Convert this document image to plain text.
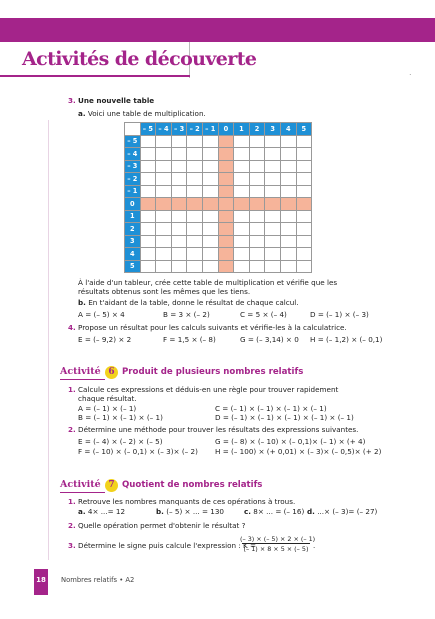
Activités de découverte
.
3. Une nouvelle table
a. Voici une table de multiplication.
	– 5	– 4	– 3	– 2	– 1	0	1	2	3	4	5
– 5											
– 4											
– 3											
– 2											
– 1											
0											
1											
2											
3											
4											
5											
À l'aide d'un tableur, crée cette table de multiplication et vérifie que les
résultats obtenus sont les mêmes que les tiens.
b. En t'aidant de la table, donne le résultat de chaque calcul.
A = (– 5) × 4	B = 3 × (– 2)	C = 5 × (– 4)	D = (– 1) × (– 3)
4. Propose un résultat pour les calculs suivants et vérifie-les à la calculatrice.
E = (– 9,2) × 2	F = 1,5 × (– 8)	G = (– 3,14) × 0 H = (– 1,2) × (– 0,1)
Activité 6 Produit de plusieurs nombres relatifs
1. Calcule ces expressions et déduis-en une règle pour trouver rapidement
chaque résultat.
A = (– 1) × (– 1)	C = (– 1) × (– 1) × (– 1) × (– 1)
B = (– 1) × (– 1) × (– 1)	D = (– 1) × (– 1) × (– 1) × (– 1) × (– 1)
2. Détermine une méthode pour trouver les résultats des expressions suivantes.
E = (– 4) × (– 2) × (– 5)	G = (– 8) × (– 10) × (– 0,1)× (– 1) × (+ 4)
F = (– 10) × (– 0,1) × (– 3)× (– 2) H = (– 100) × (+ 0,01) × (– 3)× (– 0,5)× (+ 2)
Activité 7 Quotient de nombres relatifs
1. Retrouve les nombres manquants de ces opérations à trous.
a. 4× ...= 12	b. (– 5) × ... = 130	c. 8× ... = (– 16) d. ...× (– 3)= (– 27)
2. Quelle opération permet d'obtenir le résultat ?
3. Détermine le signe puis calcule l'expression : K =
(– 3) × (– 5) × 2 × (– 1)
(– 1) × 8 × 5 × (– 5) .
18	Nombres relatifs • A2
